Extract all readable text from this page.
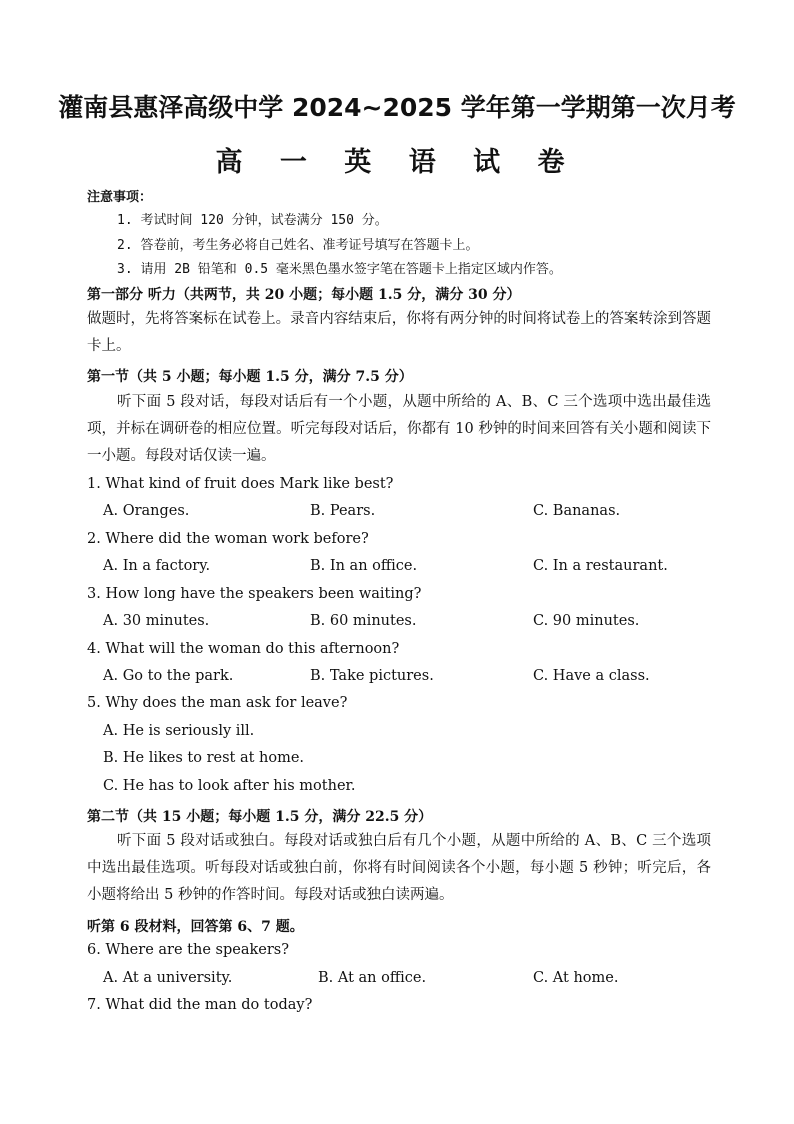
灌南县惠泽高级中学 2024~2025 学年第一学期第一次月考
高 一 英 语 试 卷
注意事项：
1. 考试时间 120 分钟，试卷满分 150 分。
2. 答卷前，考生务必将自己姓名、准考证号填写在答题卡上。
3. 请用 2B 铅笔和 0.5 毫米黑色墨水签字笔在答题卡上指定区域内作答。
第一部分 听力（共两节，共 20 小题；每小题 1.5 分，满分 30 分）
做题时，先将答案标在试卷上。录音内容结束后，你将有两分钟的时间将试卷上的答案转涂到答题卡上。
第一节（共 5 小题；每小题 1.5 分，满分 7.5 分）
听下面 5 段对话，每段对话后有一个小题，从题中所给的 A、B、C 三个选项中选出最佳选项，并标在调研卷的相应位置。听完每段对话后，你都有 10 秒钟的时间来回答有关小题和阅读下一小题。每段对话仅读一遍。
1. What kind of fruit does Mark like best?
A. Oranges.	B. Pears.	C. Bananas.
2. Where did the woman work before?
A. In a factory.	B. In an office.	C. In a restaurant.
3. How long have the speakers been waiting?
A. 30 minutes.	B. 60 minutes.	C. 90 minutes.
4. What will the woman do this afternoon?
A. Go to the park.	B. Take pictures.	C. Have a class.
5. Why does the man ask for leave?
A. He is seriously ill.
B. He likes to rest at home.
C. He has to look after his mother.
第二节（共 15 小题；每小题 1.5 分，满分 22.5 分）
听下面 5 段对话或独白。每段对话或独白后有几个小题，从题中所给的 A、B、C 三个选项中选出最佳选项。听每段对话或独白前，你将有时间阅读各个小题，每小题 5 秒钟；听完后，各小题将给出 5 秒钟的作答时间。每段对话或独白读两遍。
听第 6 段材料，回答第 6、7 题。
6. Where are the speakers?
A. At a university.	B. At an office.	C. At home.
7. What did the man do today?
